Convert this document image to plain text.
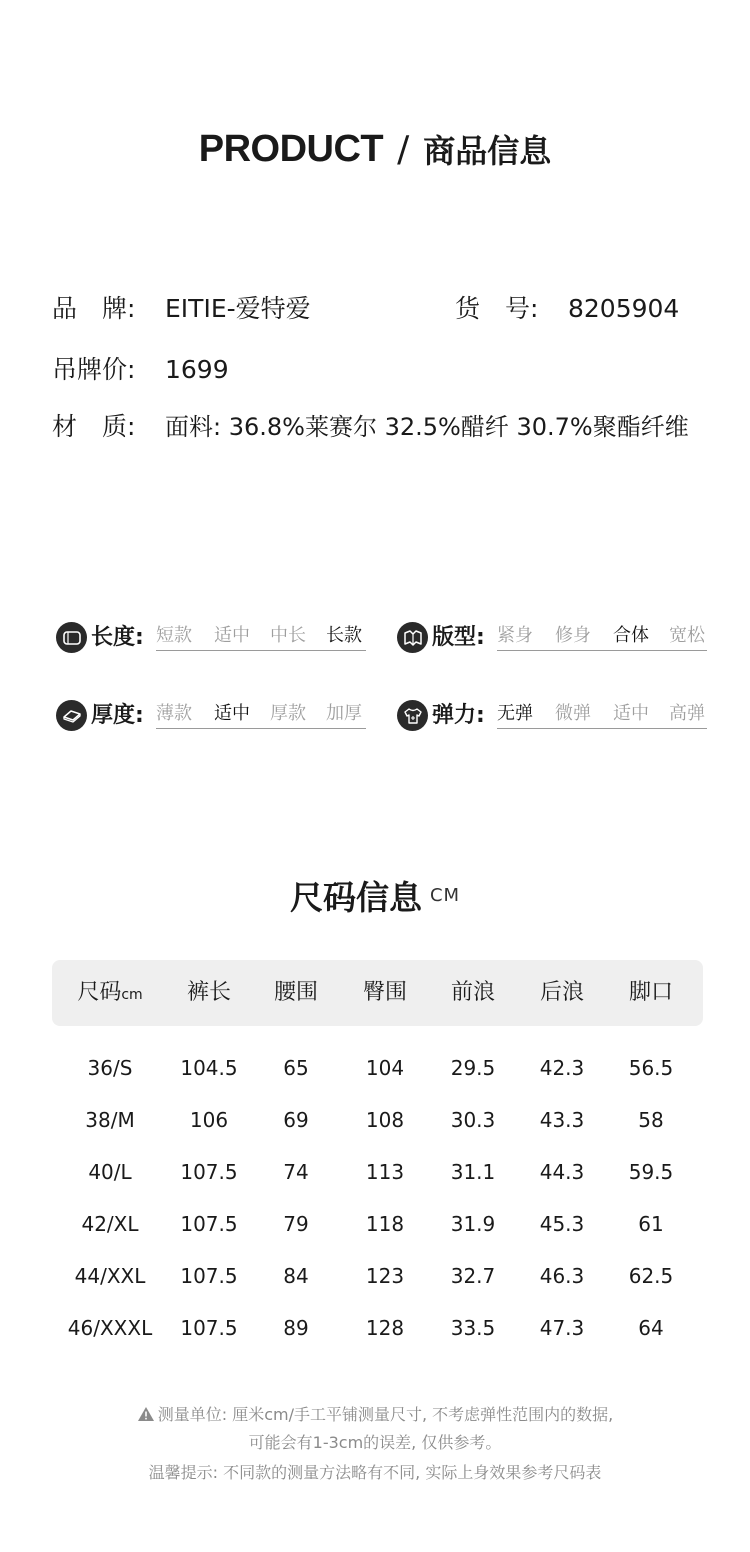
PRODUCT / 商品信息
品　牌: EITIE-爱特爱	货　号: 8205904
吊牌价: 1699
材　质: 面料: 36.8%莱赛尔 32.5%醋纤 30.7%聚酯纤维
长度: 短款 适中 中长 长款	版型: 紧身 修身 合体 宽松
厚度: 薄款 适中 厚款 加厚	弹力: 无弹 微弹 适中 高弹
尺码信息 CM
尺码cm	裤长	腰围	臀围	前浪	后浪	脚口
36/S	104.5	65	104	29.5	42.3	56.5
38/M	106	69	108	30.3	43.3	58
40/L	107.5	74	113	31.1	44.3	59.5
42/XL	107.5	79	118	31.9	45.3	61
44/XXL	107.5	84	123	32.7	46.3	62.5
46/XXXL	107.5	89	128	33.5	47.3	64
测量单位: 厘米cm/手工平铺测量尺寸, 不考虑弹性范围内的数据,
可能会有1-3cm的误差, 仅供参考。
温馨提示: 不同款的测量方法略有不同, 实际上身效果参考尺码表
